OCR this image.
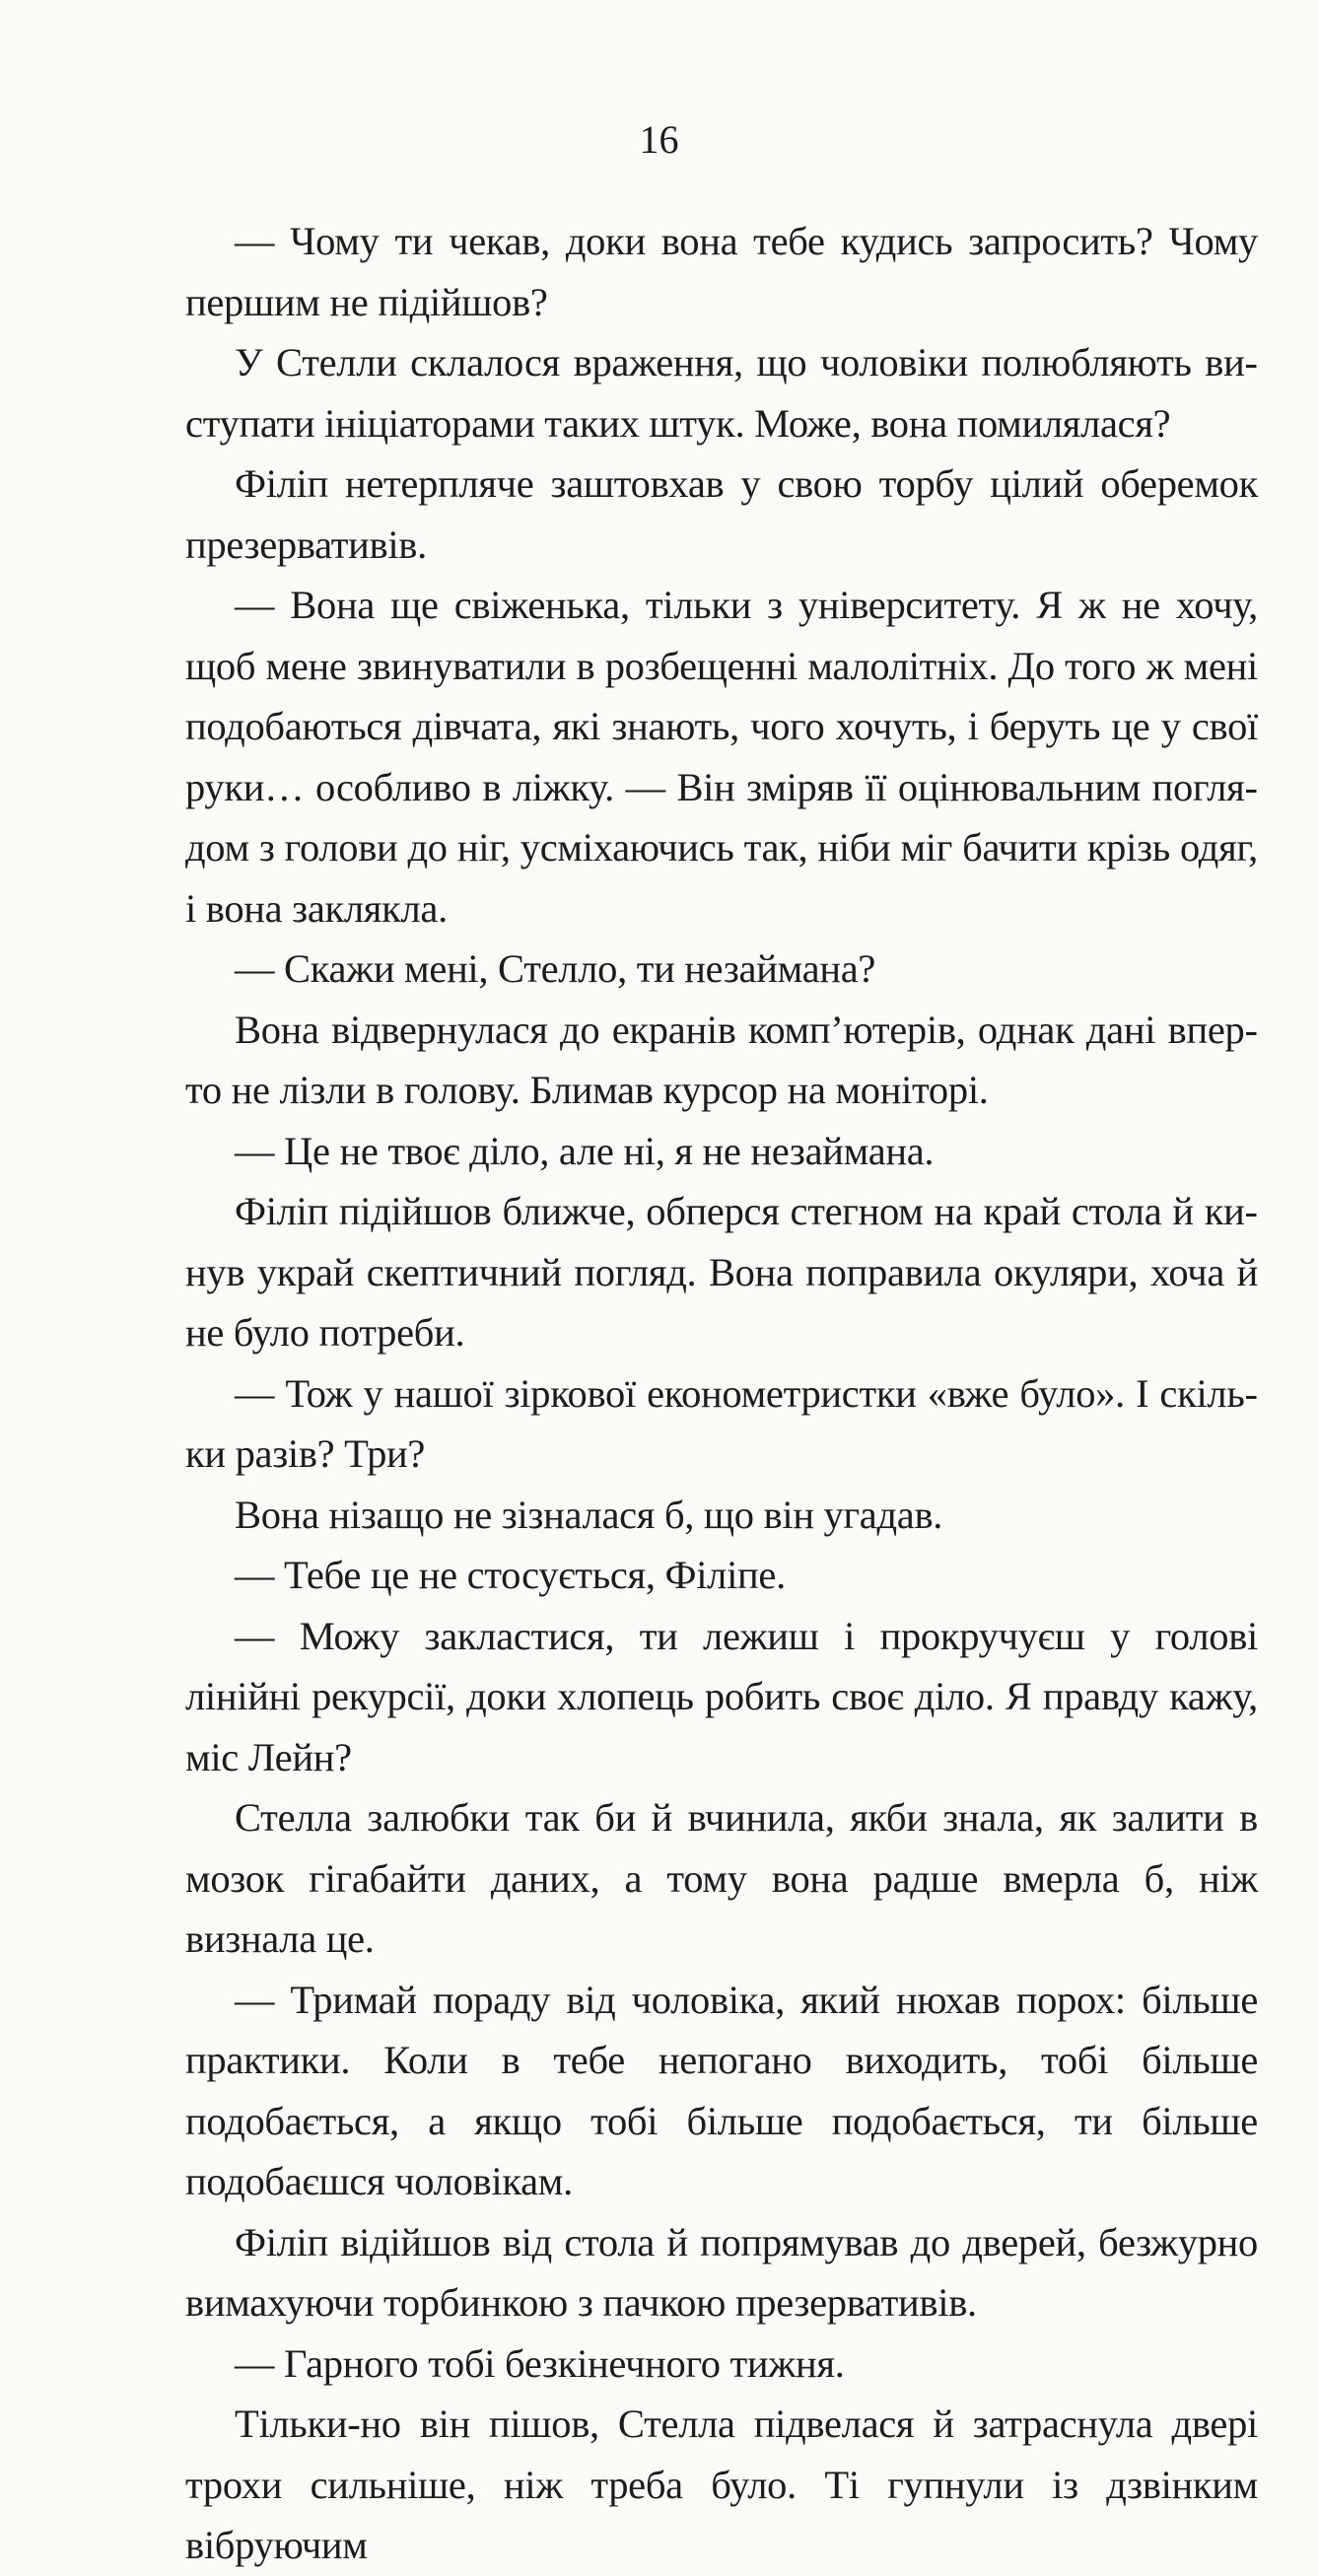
16

— Чому ти чекав, доки вона тебе кудись запросить? Чому першим не підійшов?

У Стелли склалося враження, що чоловіки полюбляють виступати ініціаторами таких штук. Може, вона помилялася?

Філіп нетерпляче заштовхав у свою торбу цілий оберемок презервативів.

— Вона ще свіженька, тільки з університету. Я ж не хочу, щоб мене звинуватили в розбещенні малолітніх. До того ж мені подобаються дівчата, які знають, чого хочуть, і беруть це у свої руки… особливо в ліжку. — Він зміряв її оцінювальним поглядом з голови до ніг, усміхаючись так, ніби міг бачити крізь одяг, і вона заклякла.

— Скажи мені, Стелло, ти незаймана?

Вона відвернулася до екранів комп’ютерів, однак дані вперто не лізли в голову. Блимав курсор на моніторі.

— Це не твоє діло, але ні, я не незаймана.

Філіп підійшов ближче, обперся стегном на край стола й кинув украй скептичний погляд. Вона поправила окуляри, хоча й не було потреби.

— Тож у нашої зіркової економетристки «вже було». І скільки разів? Три?

Вона нізащо не зізналася б, що він угадав.

— Тебе це не стосується, Філіпе.

— Можу закластися, ти лежиш і прокручуєш у голові лінійні рекурсії, доки хлопець робить своє діло. Я правду кажу, міс Лейн?

Стелла залюбки так би й вчинила, якби знала, як залити в мозок гігабайти даних, а тому вона радше вмерла б, ніж визнала це.

— Тримай пораду від чоловіка, який нюхав порох: більше практики. Коли в тебе непогано виходить, тобі більше подобається, а якщо тобі більше подобається, ти більше подобаєшся чоловікам.

Філіп відійшов від стола й попрямував до дверей, безжурно вимахуючи торбинкою з пачкою презервативів.

— Гарного тобі безкінечного тижня.

Тільки-но він пішов, Стелла підвелася й затраснула двері трохи сильніше, ніж треба було. Ті гупнули із дзвінким вібруючим
